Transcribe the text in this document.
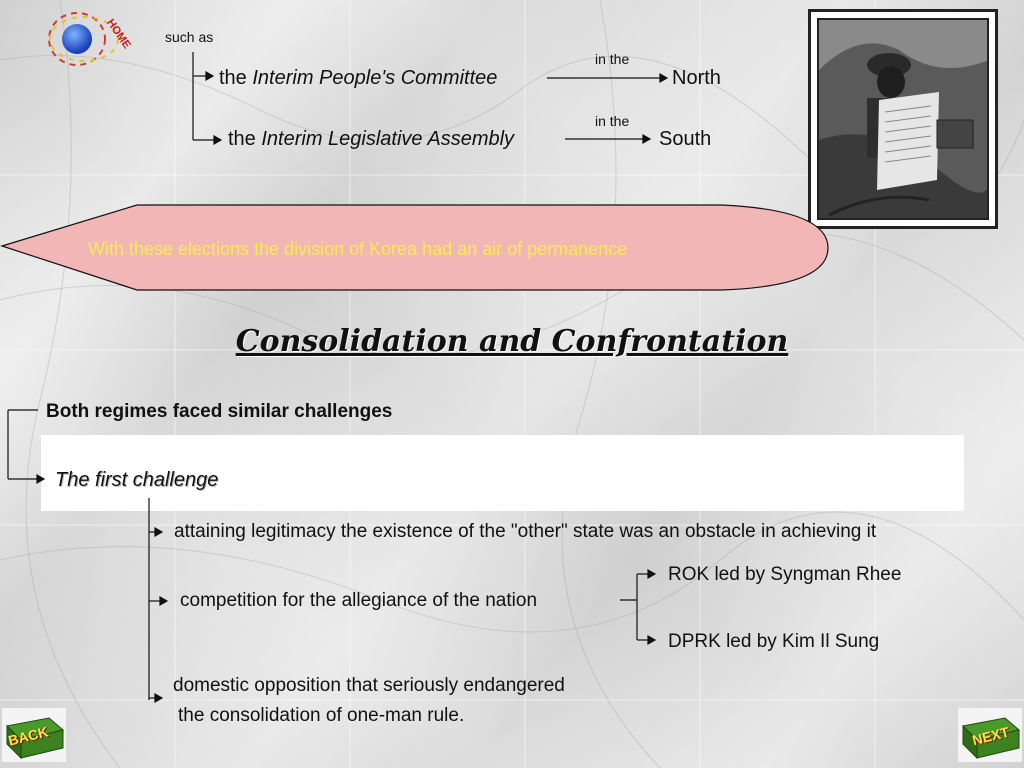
HOME such as
the Interim People's Committee
in the
North
the Interim Legislative Assembly
in the
South
With these elections the division of Korea had an air of permanence
Consolidation and Confrontation
Both regimes faced similar challenges
The first challenge
attaining legitimacy the existence of the "other" state was an obstacle in achieving it
competition for the allegiance of the nation
ROK led by Syngman Rhee
DPRK led by Kim Il Sung
domestic opposition that seriously endangered
the consolidation of one-man rule.
BACK	NEXT
